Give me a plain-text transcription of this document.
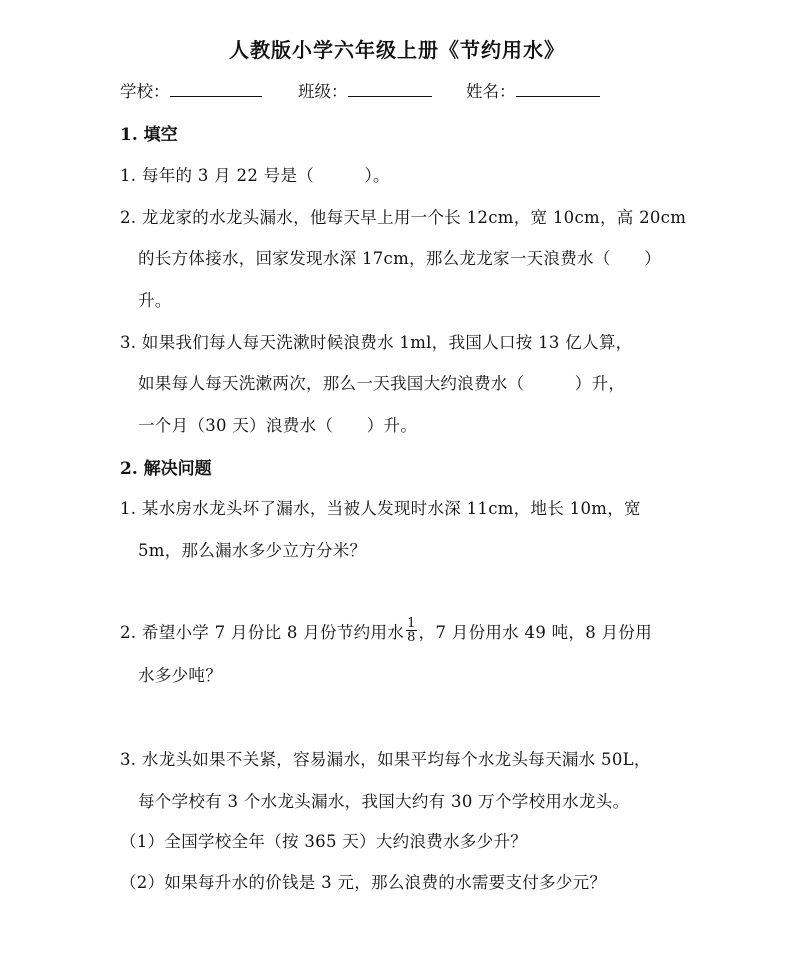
人教版小学六年级上册《节约用水》
学校：	班级：	姓名：
1. 填空
1. 每年的 3 月 22 号是（　　　）。
2. 龙龙家的水龙头漏水，他每天早上用一个长 12cm，宽 10cm，高 20cm
的长方体接水，回家发现水深 17cm，那么龙龙家一天浪费水（　　）
升。
3. 如果我们每人每天洗漱时候浪费水 1ml，我国人口按 13 亿人算，
如果每人每天洗漱两次，那么一天我国大约浪费水（　　　）升，
一个月（30 天）浪费水（　　）升。
2. 解决问题
1. 某水房水龙头坏了漏水，当被人发现时水深 11cm，地长 10m，宽
5m，那么漏水多少立方分米？
2. 希望小学 7 月份比 8 月份节约用水 $\frac{1}{8}$ ，7 月份用水 49 吨，8 月份用
水多少吨？
3. 水龙头如果不关紧，容易漏水，如果平均每个水龙头每天漏水 50L，
每个学校有 3 个水龙头漏水，我国大约有 30 万个学校用水龙头。
（1）全国学校全年（按 365 天）大约浪费水多少升？
（2）如果每升水的价钱是 3 元，那么浪费的水需要支付多少元？
